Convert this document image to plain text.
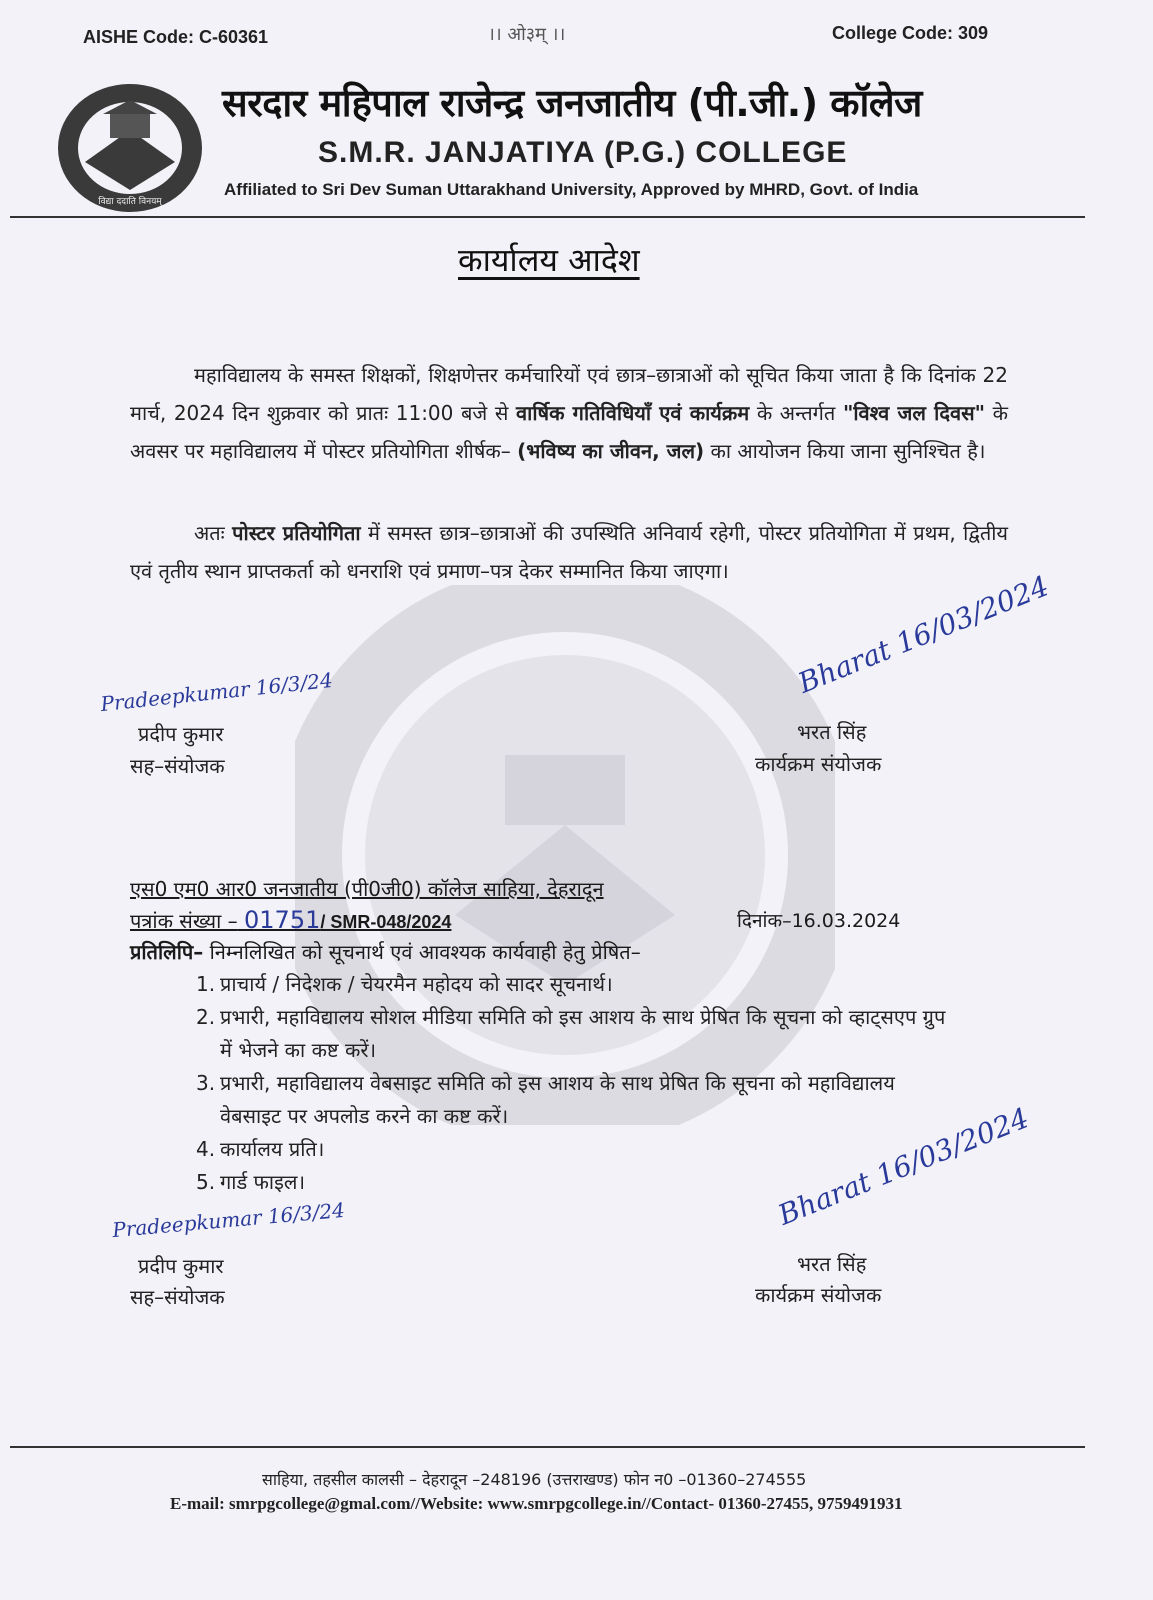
AISHE Code: C-60361	।। ओ३म् ।।	College Code: 309
विद्या ददाति विनयम्
सरदार महिपाल राजेन्द्र जनजातीय (पी.जी.) कॉलेज
S.M.R. JANJATIYA (P.G.) COLLEGE
Affiliated to Sri Dev Suman Uttarakhand University, Approved by MHRD, Govt. of India
कार्यालय आदेश
महाविद्यालय के समस्त शिक्षकों, शिक्षणेत्तर कर्मचारियों एवं छात्र–छात्राओं को सूचित किया जाता है कि दिनांक 22 मार्च, 2024 दिन शुक्रवार को प्रातः 11:00 बजे से वार्षिक गतिविधियाँ एवं कार्यक्रम के अन्तर्गत "विश्व जल दिवस" के अवसर पर महाविद्यालय में पोस्टर प्रतियोगिता शीर्षक– (भविष्य का जीवन, जल) का आयोजन किया जाना सुनिश्चित है।
अतः पोस्टर प्रतियोगिता में समस्त छात्र–छात्राओं की उपस्थिति अनिवार्य रहेगी, पोस्टर प्रतियोगिता में प्रथम, द्वितीय एवं तृतीय स्थान प्राप्तकर्ता को धनराशि एवं प्रमाण–पत्र देकर सम्मानित किया जाएगा।
Pradeepkumar 16/3/24
प्रदीप कुमार
सह–संयोजक
Bharat 16/03/2024
भरत सिंह
कार्यक्रम संयोजक
एस0 एम0 आर0 जनजातीय (पी0जी0) कॉलेज साहिया, देहरादून
पत्रांक संख्या – 01751/ SMR-048/2024	दिनांक–16.03.2024
प्रतिलिपि– निम्नलिखित को सूचनार्थ एवं आवश्यक कार्यवाही हेतु प्रेषित–
1. प्राचार्य / निदेशक / चेयरमैन महोदय को सादर सूचनार्थ।
2. प्रभारी, महाविद्यालय सोशल मीडिया समिति को इस आशय के साथ प्रेषित कि सूचना को व्हाट्सएप ग्रुप में भेजने का कष्ट करें।
3. प्रभारी, महाविद्यालय वेबसाइट समिति को इस आशय के साथ प्रेषित कि सूचना को महाविद्यालय वेबसाइट पर अपलोड करने का कष्ट करें।
4. कार्यालय प्रति।
5. गार्ड फाइल।
Pradeepkumar 16/3/24
प्रदीप कुमार
सह–संयोजक
Bharat 16/03/2024
भरत सिंह
कार्यक्रम संयोजक
साहिया, तहसील कालसी – देहरादून –248196 (उत्तराखण्ड) फोन न0 –01360–274555
E-mail: smrpgcollege@gmal.com//Website: www.smrpgcollege.in//Contact- 01360-27455, 9759491931
